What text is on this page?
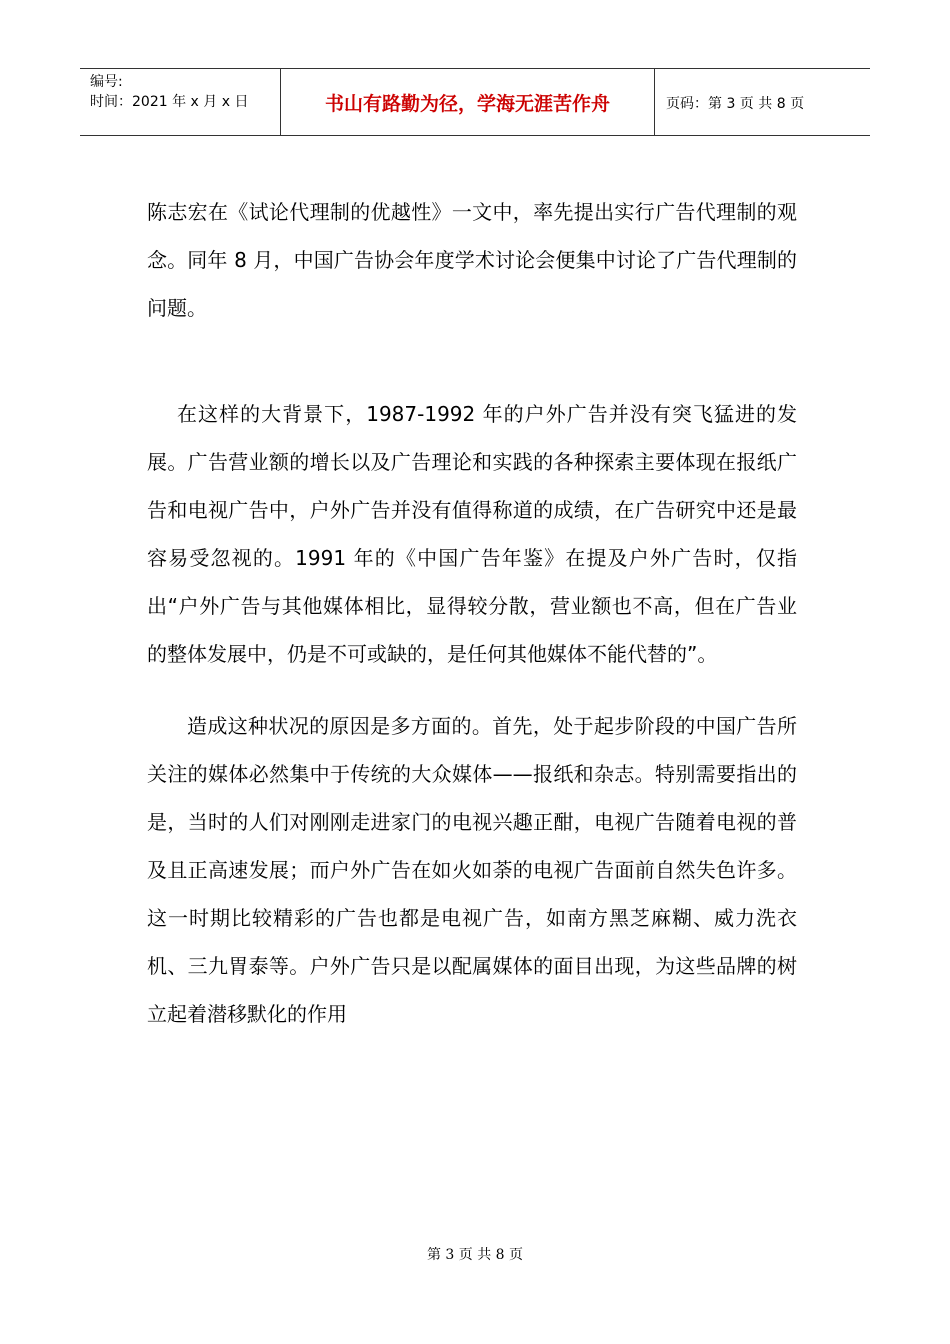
编号:
时间：2021 年 x 月 x 日	书山有路勤为径，学海无涯苦作舟	页码：第 3 页 共 8 页

陈志宏在《试论代理制的优越性》一文中，率先提出实行广告代理制的观念。同年 8 月，中国广告协会年度学术讨论会便集中讨论了广告代理制的问题。

在这样的大背景下，1987-1992 年的户外广告并没有突飞猛进的发展。广告营业额的增长以及广告理论和实践的各种探索主要体现在报纸广告和电视广告中，户外广告并没有值得称道的成绩，在广告研究中还是最容易受忽视的。1991 年的《中国广告年鉴》在提及户外广告时，仅指出“户外广告与其他媒体相比，显得较分散，营业额也不高，但在广告业的整体发展中，仍是不可或缺的，是任何其他媒体不能代替的”。

造成这种状况的原因是多方面的。首先，处于起步阶段的中国广告所关注的媒体必然集中于传统的大众媒体——报纸和杂志。特别需要指出的是，当时的人们对刚刚走进家门的电视兴趣正酣，电视广告随着电视的普及且正高速发展；而户外广告在如火如荼的电视广告面前自然失色许多。这一时期比较精彩的广告也都是电视广告，如南方黑芝麻糊、威力洗衣机、三九胃泰等。户外广告只是以配属媒体的面目出现，为这些品牌的树立起着潜移默化的作用

第 3 页 共 8 页
